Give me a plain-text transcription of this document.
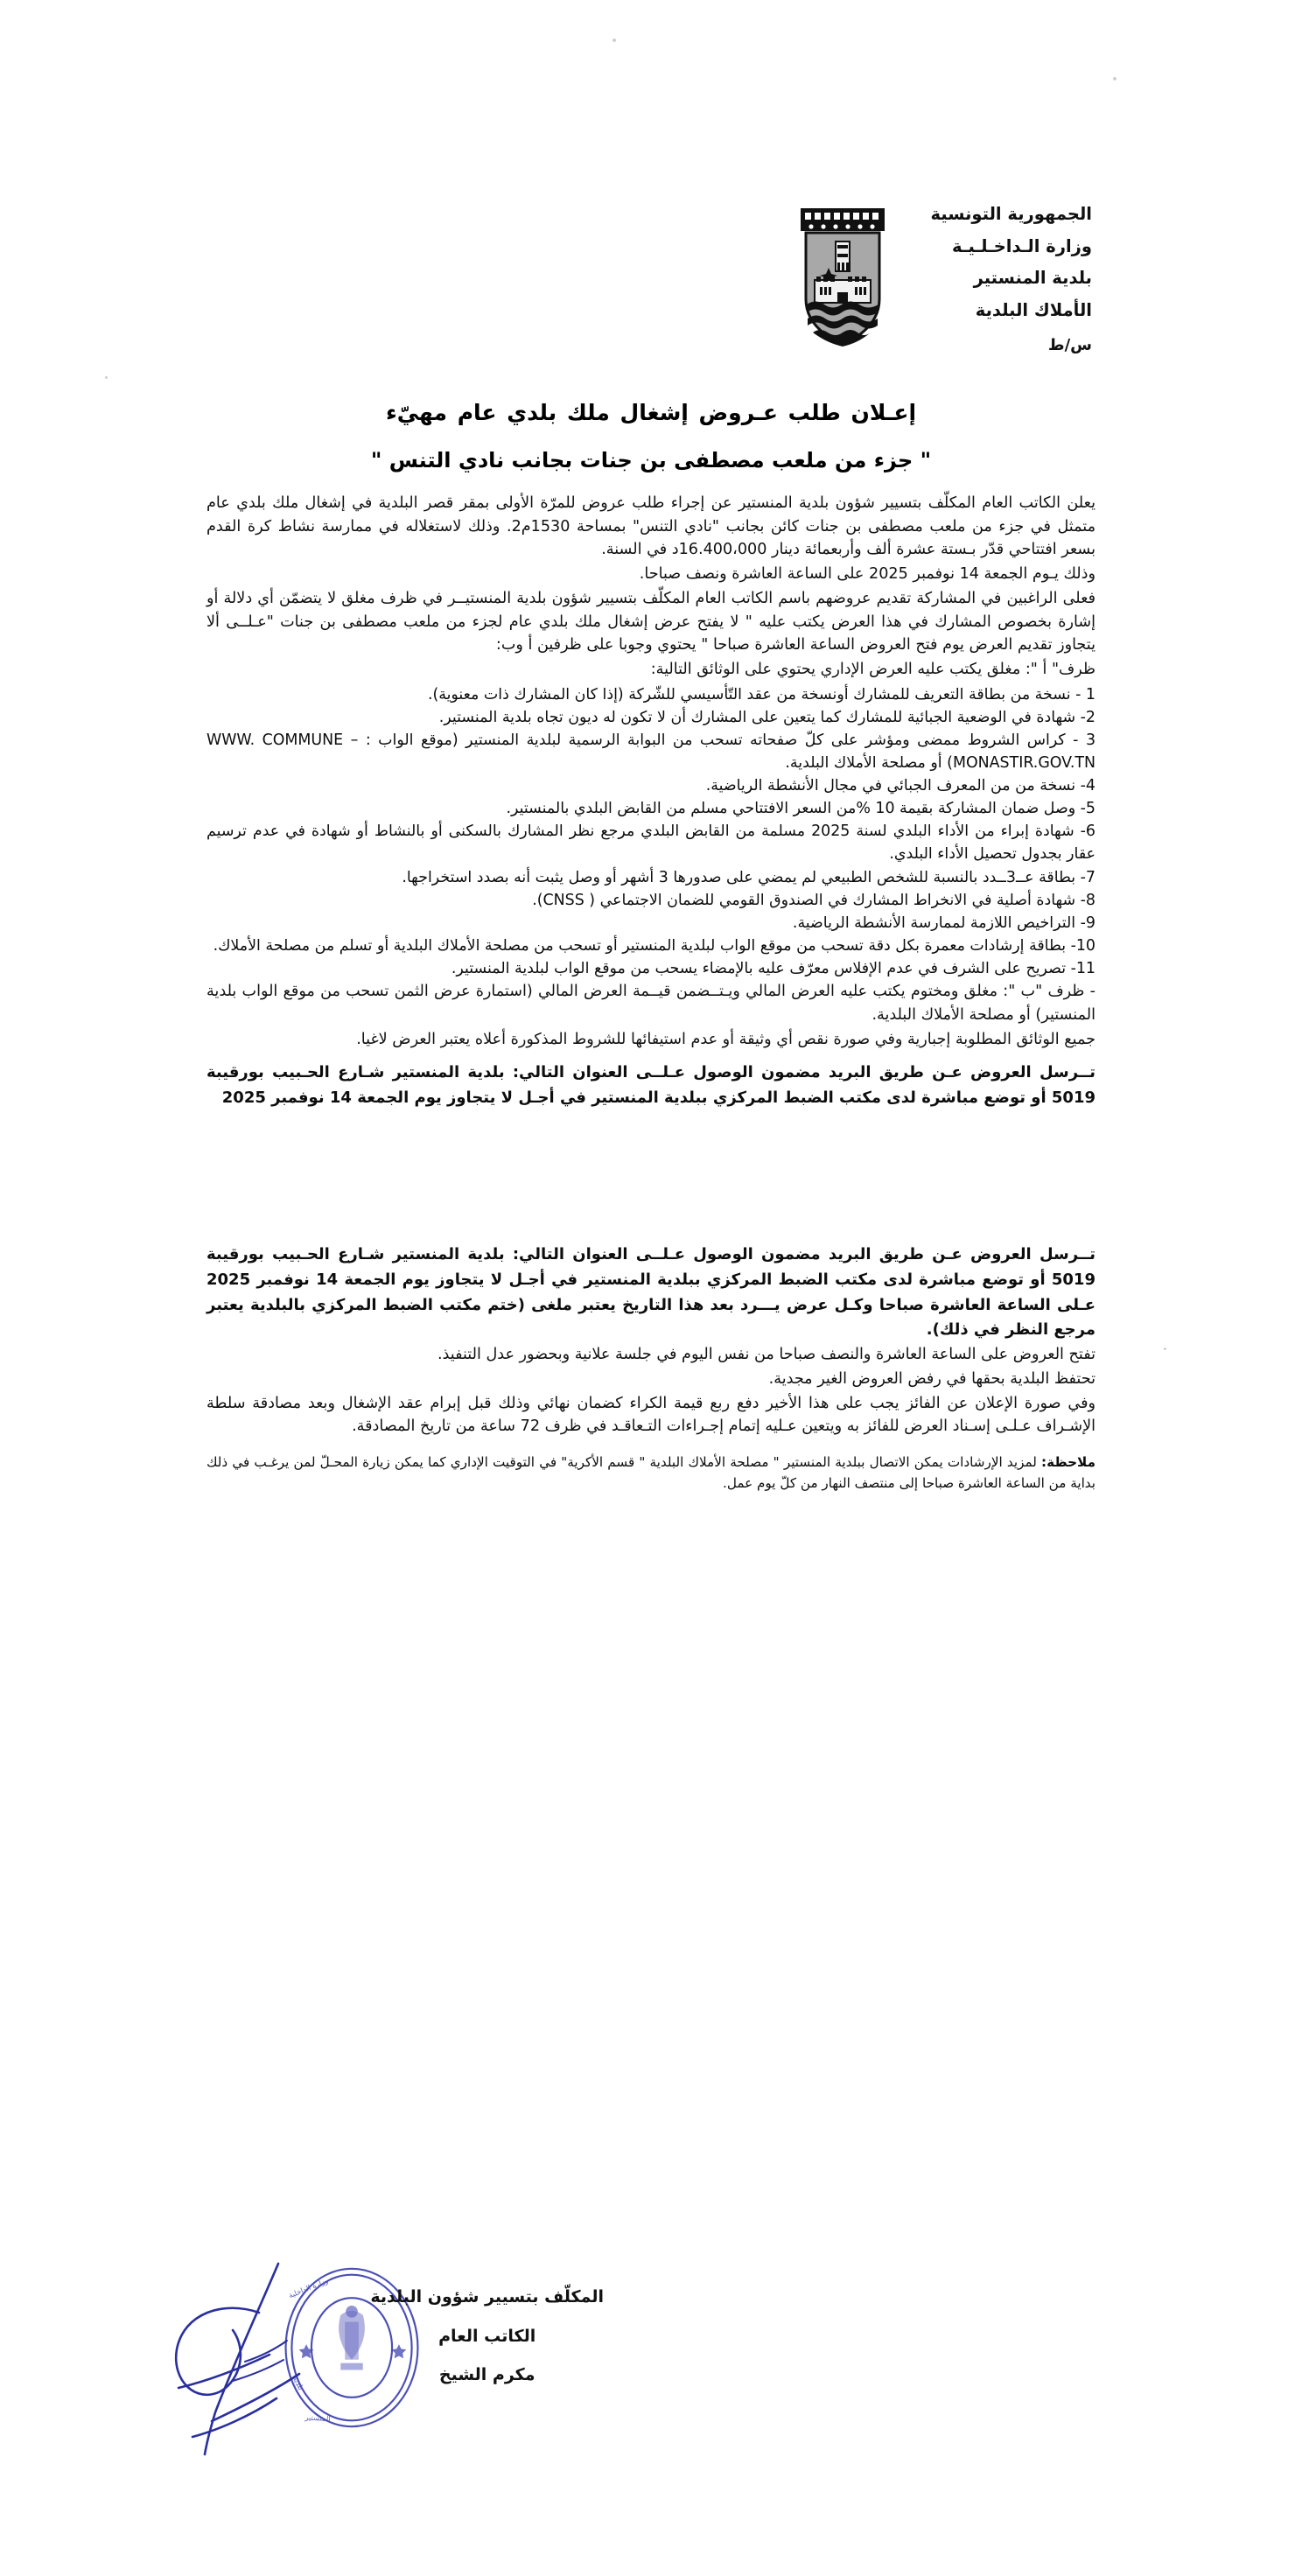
الجمهورية التونسية
وزارة الـداخـلـيـة
بلدية المنستير
الأملاك البلدية
س/ط
إعـلان طلب عـروض إشغال ملك بلدي عام مهيّء
" جزء من ملعب مصطفى بن جنات بجانب نادي التنس "

يعلن الكاتب العام المكلّف بتسيير شؤون بلدية المنستير عن إجراء طلب عروض للمرّة الأولى بمقر قصر البلدية في إشغال ملك بلدي عام متمثل في جزء من ملعب مصطفى بن جنات كائن بجانب "نادي التنس" بمساحة 1530م2. وذلك لاستغلاله في ممارسة نشاط كرة القدم بسعر افتتاحي قدّر بـستة عشرة ألف وأربعمائة دينار 16.400،000د في السنة.

وذلك يـوم الجمعة 14 نوفمبر 2025 على الساعة العاشرة ونصف صباحا.

فعلى الراغبين في المشاركة تقديم عروضهم باسم الكاتب العام المكلّف بتسيير شؤون بلدية المنستيــر في ظرف مغلق لا يتضمّن أي دلالة أو إشارة بخصوص المشارك في هذا العرض يكتب عليه " لا يفتح عرض إشغال ملك بلدي عام لجزء من ملعب مصطفى بن جنات "عـلــى ألا يتجاوز تقديم العرض يوم فتح العروض الساعة العاشرة صباحا " يحتوي وجوبا على ظرفين أ وب:

ظرف" أ ": مغلق يكتب عليه العرض الإداري يحتوي على الوثائق التالية:

1 - نسخة من بطاقة التعريف للمشارك أونسخة من عقد التّأسيسي للشّركة (إذا كان المشارك ذات معنوية).

2- شهادة في الوضعية الجبائية للمشارك كما يتعين على المشارك أن لا تكون له ديون تجاه بلدية المنستير.

3 - كراس الشروط ممضى ومؤشر على كلّ صفحاته تسحب من البوابة الرسمية لبلدية المنستير (موقع الواب : WWW. COMMUNE – MONASTIR.GOV.TN) أو مصلحة الأملاك البلدية.

4- نسخة من من المعرف الجبائي في مجال الأنشطة الرياضية.

5- وصل ضمان المشاركة بقيمة 10 %من السعر الافتتاحي مسلم من القابض البلدي بالمنستير.

6- شهادة إبراء من الأداء البلدي لسنة 2025 مسلمة من القابض البلدي مرجع نظر المشارك بالسكنى أو بالنشاط أو شهادة في عدم ترسيم عقار بجدول تحصيل الأداء البلدي.

7- بطاقة عــ3ــدد بالنسبة للشخص الطبيعي لم يمضي على صدورها 3 أشهر أو وصل يثبت أنه بصدد استخراجها.

8- شهادة أصلية في الانخراط المشارك في الصندوق القومي للضمان الاجتماعي ( CNSS).

9- التراخيص اللازمة لممارسة الأنشطة الرياضية.

10- بطاقة إرشادات معمرة بكل دقة تسحب من موقع الواب لبلدية المنستير أو تسحب من مصلحة الأملاك البلدية أو تسلم من مصلحة الأملاك.

11- تصريح على الشرف في عدم الإفلاس معرّف عليه بالإمضاء يسحب من موقع الواب لبلدية المنستير.

- ظرف "ب ": مغلق ومختوم يكتب عليه العرض المالي ويـتــضمن قيــمة العرض المالي (استمارة عرض الثمن تسحب من موقع الواب بلدية المنستير) أو مصلحة الأملاك البلدية.

جميع الوثائق المطلوبة إجبارية وفي صورة نقص أي وثيقة أو عدم استيفائها للشروط المذكورة أعلاه يعتبر العرض لاغيا.

تــرسل العروض عـن طريق البريد مضمون الوصول عـلــى العنوان التالي: بلدية المنستير شـارع الحـبيب بورقيبة 5019 أو توضع مباشرة لدى مكتب الضبط المركزي ببلدية المنستير في أجـل لا يتجاوز يوم الجمعة 14 نوفمبر 2025

تــرسل العروض عـن طريق البريد مضمون الوصول عـلــى العنوان التالي: بلدية المنستير شـارع الحـبيب بورقيبة 5019 أو توضع مباشرة لدى مكتب الضبط المركزي ببلدية المنستير في أجـل لا يتجاوز يوم الجمعة 14 نوفمبر 2025 عـلى الساعة العاشرة صباحا وكـل عرض يـــرد بعد هذا التاريخ يعتبر ملغى (ختم مكتب الضبط المركزي بالبلدية يعتبر مرجع النظر في ذلك).

تفتح العروض على الساعة العاشرة والنصف صباحا من نفس اليوم في جلسة علانية وبحضور عدل التنفيذ.

تحتفظ البلدية بحقها في رفض العروض الغير مجدية.

وفي صورة الإعلان عن الفائز يجب على هذا الأخير دفع ربع قيمة الكراء كضمان نهائي وذلك قبل إبرام عقد الإشغال وبعد مصادقة سلطة الإشـراف عـلـى إسـناد العرض للفائز به ويتعين عـليه إتمام إجـراءات التـعاقـد في ظرف 72 ساعة من تاريخ المصادقة.

ملاحظة: لمزيد الإرشادات يمكن الاتصال ببلدية المنستير " مصلحة الأملاك البلدية " قسم الأكرية" في التوقيت الإداري كما يمكن زيارة المحـلّ لمن يرغـب في ذلك بداية من الساعة العاشرة صباحا إلى منتصف النهار من كلّ يوم عمل.

المكلّف بتسيير شؤون البلدية
الكاتب العام
مكرم الشيخ
وزارة الداخلية
بلدية
المنستير
